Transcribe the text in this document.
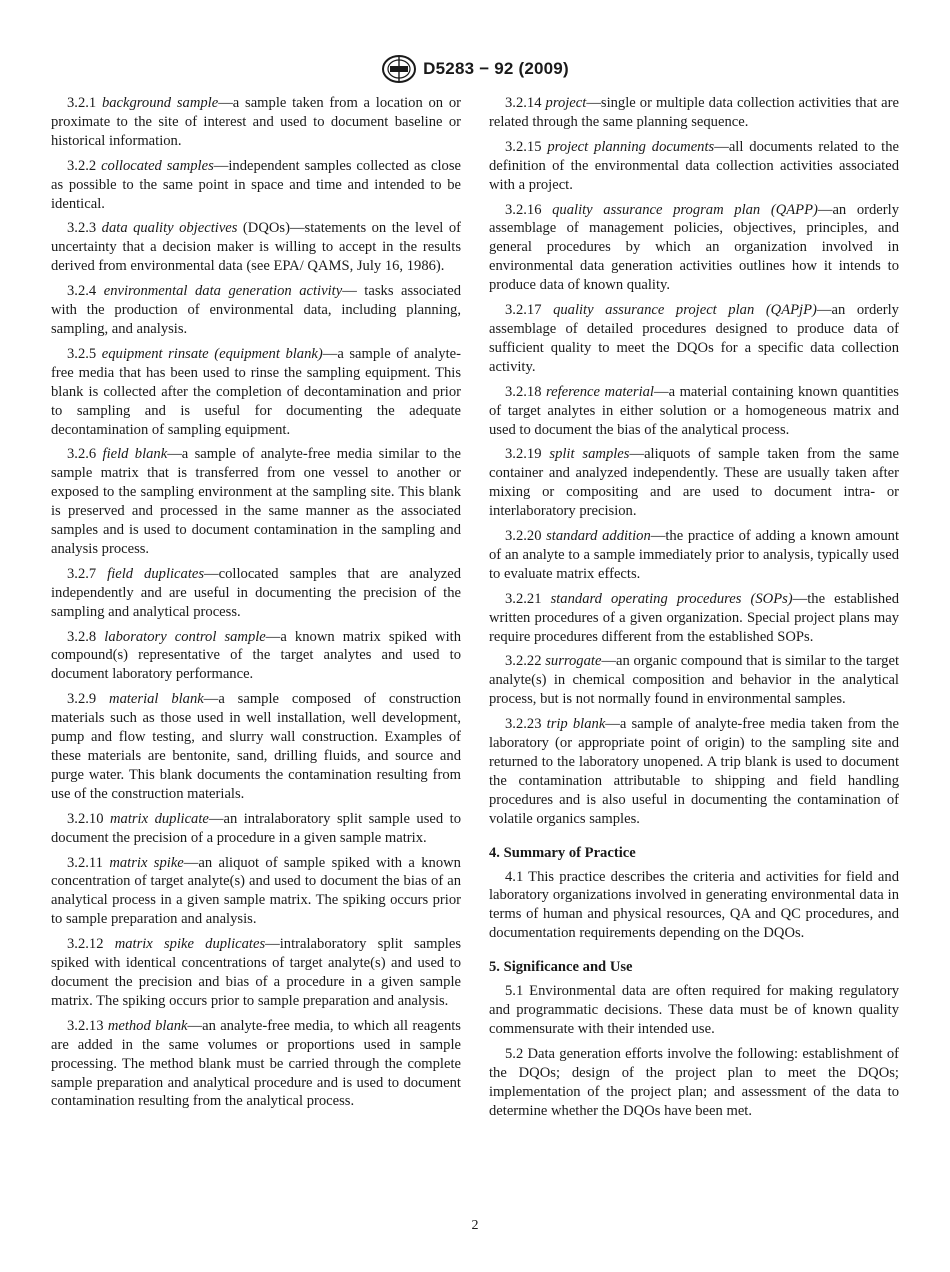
D5283 − 92 (2009)

3.2.1 background sample—a sample taken from a location on or proximate to the site of interest and used to document baseline or historical information.

3.2.2 collocated samples—independent samples collected as close as possible to the same point in space and time and intended to be identical.

3.2.3 data quality objectives (DQOs)—statements on the level of uncertainty that a decision maker is willing to accept in the results derived from environmental data (see EPA/ QAMS, July 16, 1986).

3.2.4 environmental data generation activity— tasks associated with the production of environmental data, including planning, sampling, and analysis.

3.2.5 equipment rinsate (equipment blank)—a sample of analyte-free media that has been used to rinse the sampling equipment. This blank is collected after the completion of decontamination and prior to sampling and is useful for documenting the adequate decontamination of sampling equipment.

3.2.6 field blank—a sample of analyte-free media similar to the sample matrix that is transferred from one vessel to another or exposed to the sampling environment at the sampling site. This blank is preserved and processed in the same manner as the associated samples and is used to document contamination in the sampling and analysis process.

3.2.7 field duplicates—collocated samples that are analyzed independently and are useful in documenting the precision of the sampling and analytical process.

3.2.8 laboratory control sample—a known matrix spiked with compound(s) representative of the target analytes and used to document laboratory performance.

3.2.9 material blank—a sample composed of construction materials such as those used in well installation, well development, pump and flow testing, and slurry wall construction. Examples of these materials are bentonite, sand, drilling fluids, and source and purge water. This blank documents the contamination resulting from use of the construction materials.

3.2.10 matrix duplicate—an intralaboratory split sample used to document the precision of a procedure in a given sample matrix.

3.2.11 matrix spike—an aliquot of sample spiked with a known concentration of target analyte(s) and used to document the bias of an analytical process in a given sample matrix. The spiking occurs prior to sample preparation and analysis.

3.2.12 matrix spike duplicates—intralaboratory split samples spiked with identical concentrations of target analyte(s) and used to document the precision and bias of a procedure in a given sample matrix. The spiking occurs prior to sample preparation and analysis.

3.2.13 method blank—an analyte-free media, to which all reagents are added in the same volumes or proportions used in sample processing. The method blank must be carried through the complete sample preparation and analytical procedure and is used to document contamination resulting from the analytical process.

3.2.14 project—single or multiple data collection activities that are related through the same planning sequence.

3.2.15 project planning documents—all documents related to the definition of the environmental data collection activities associated with a project.

3.2.16 quality assurance program plan (QAPP)—an orderly assemblage of management policies, objectives, principles, and general procedures by which an organization involved in environmental data generation activities outlines how it intends to produce data of known quality.

3.2.17 quality assurance project plan (QAPjP)—an orderly assemblage of detailed procedures designed to produce data of sufficient quality to meet the DQOs for a specific data collection activity.

3.2.18 reference material—a material containing known quantities of target analytes in either solution or a homogeneous matrix and used to document the bias of the analytical process.

3.2.19 split samples—aliquots of sample taken from the same container and analyzed independently. These are usually taken after mixing or compositing and are used to document intra- or interlaboratory precision.

3.2.20 standard addition—the practice of adding a known amount of an analyte to a sample immediately prior to analysis, typically used to evaluate matrix effects.

3.2.21 standard operating procedures (SOPs)—the established written procedures of a given organization. Special project plans may require procedures different from the established SOPs.

3.2.22 surrogate—an organic compound that is similar to the target analyte(s) in chemical composition and behavior in the analytical process, but is not normally found in environmental samples.

3.2.23 trip blank—a sample of analyte-free media taken from the laboratory (or appropriate point of origin) to the sampling site and returned to the laboratory unopened. A trip blank is used to document the contamination attributable to shipping and field handling procedures and is also useful in documenting the contamination of volatile organics samples.

4. Summary of Practice

4.1 This practice describes the criteria and activities for field and laboratory organizations involved in generating environmental data in terms of human and physical resources, QA and QC procedures, and documentation requirements depending on the DQOs.

5. Significance and Use

5.1 Environmental data are often required for making regulatory and programmatic decisions. These data must be of known quality commensurate with their intended use.

5.2 Data generation efforts involve the following: establishment of the DQOs; design of the project plan to meet the DQOs; implementation of the project plan; and assessment of the data to determine whether the DQOs have been met.

2
